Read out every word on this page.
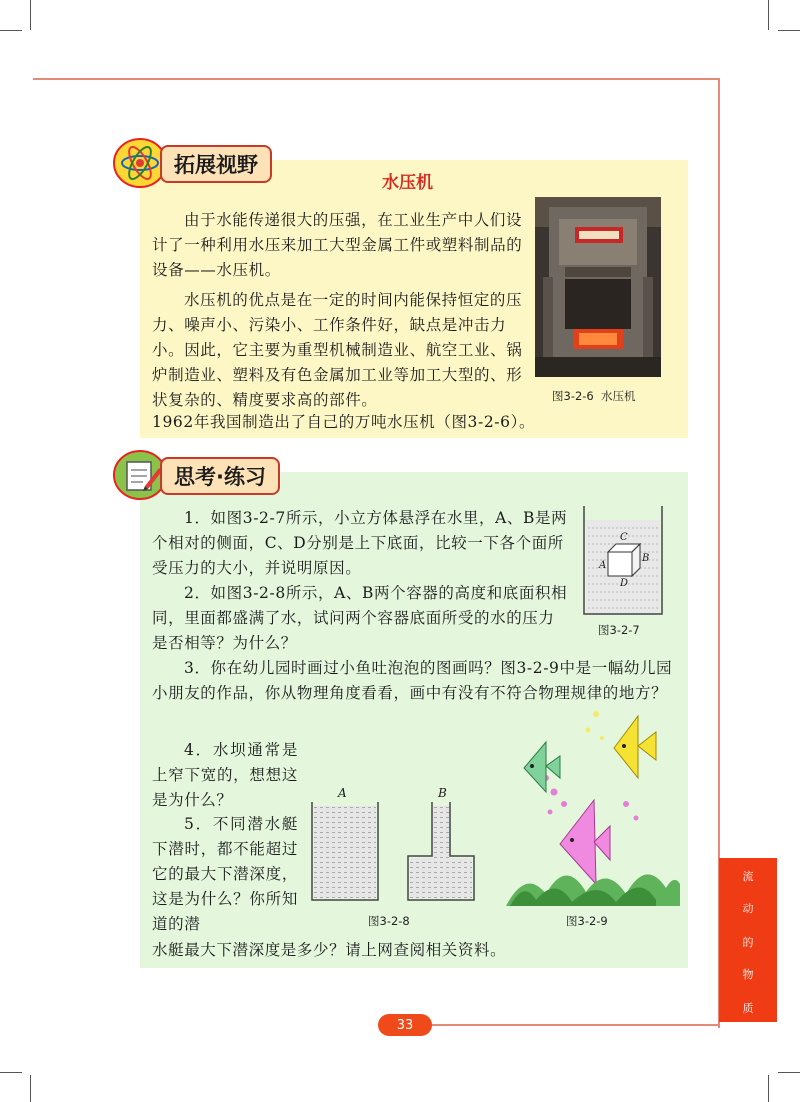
拓展视野
水压机

由于水能传递很大的压强，在工业生产中人们设计了一种利用水压来加工大型金属工件或塑料制品的设备——水压机。

水压机的优点是在一定的时间内能保持恒定的压力、噪声小、污染小、工作条件好，缺点是冲击力小。因此，它主要为重型机械制造业、航空工业、锅炉制造业、塑料及有色金属加工业等加工大型的、形状复杂的、精度要求高的部件。

1962年我国制造出了自己的万吨水压机（图3-2-6）。
图3-2-6  水压机
思考·练习

1．如图3-2-7所示，小立方体悬浮在水里，A、B是两个相对的侧面，C、D分别是上下底面，比较一下各个面所受压力的大小，并说明原因。

2．如图3-2-8所示，A、B两个容器的高度和底面积相同，里面都盛满了水，试问两个容器底面所受的水的压力是否相等？为什么？

3．你在幼儿园时画过小鱼吐泡泡的图画吗？图3-2-9中是一幅幼儿园小朋友的作品，你从物理角度看看，画中有没有不符合物理规律的地方？

4．水坝通常是上窄下宽的，想想这是为什么？

5．不同潜水艇下潜时，都不能超过它的最大下潜深度，这是为什么？你所知道的潜

水艇最大下潜深度是多少？请上网查阅相关资料。
C
A
B
D
图3-2-7
A	B
图3-2-8	图3-2-9
流
动
的
物
质
33
